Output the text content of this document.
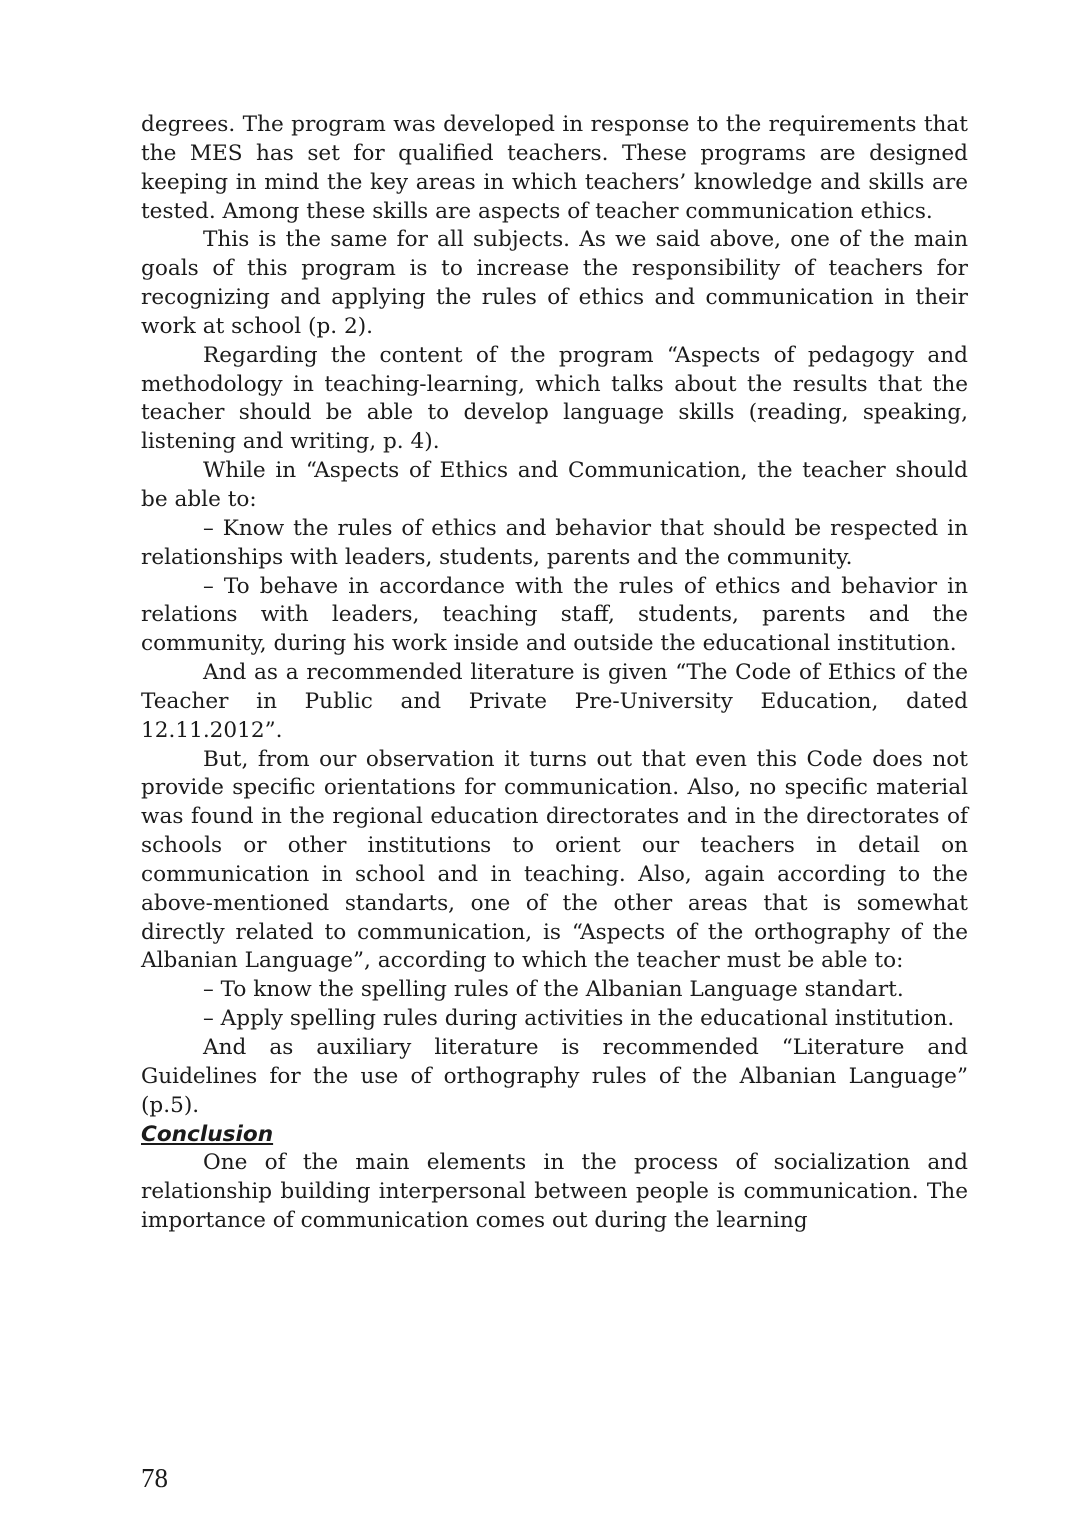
degrees. The program was developed in response to the requirements that the MES has set for qualified teachers. These programs are designed keeping in mind the key areas in which teachers’ knowledge and skills are tested. Among these skills are aspects of teacher communication ethics.

This is the same for all subjects. As we said above, one of the main goals of this program is to increase the responsibility of teachers for recognizing and applying the rules of ethics and communication in their work at school (p. 2).

Regarding the content of the program “Aspects of pedagogy and methodology in teaching-learning, which talks about the results that the teacher should be able to develop language skills (reading, speaking, listening and writing, p. 4).

While in “Aspects of Ethics and Communication, the teacher should be able to:

– Know the rules of ethics and behavior that should be respected in relationships with leaders, students, parents and the community.

– To behave in accordance with the rules of ethics and behavior in relations with leaders, teaching staff, students, parents and the community, during his work inside and outside the educational institution.

And as a recommended literature is given “The Code of Ethics of the Teacher in Public and Private Pre-University Education, dated 12.11.2012”.

But, from our observation it turns out that even this Code does not provide specific orientations for communication. Also, no specific material was found in the regional education directorates and in the directorates of schools or other institutions to orient our teachers in detail on communication in school and in teaching. Also, again according to the above-mentioned standarts, one of the other areas that is somewhat directly related to communication, is “Aspects of the orthography of the Albanian Language”, according to which the teacher must be able to:

– To know the spelling rules of the Albanian Language standart.

– Apply spelling rules during activities in the educational institution.

And as auxiliary literature is recommended “Literature and Guidelines for the use of orthography rules of the Albanian Language” (p.5).

Conclusion

One of the main elements in the process of socialization and relationship building interpersonal between people is communication. The importance of communication comes out during the learning

78
